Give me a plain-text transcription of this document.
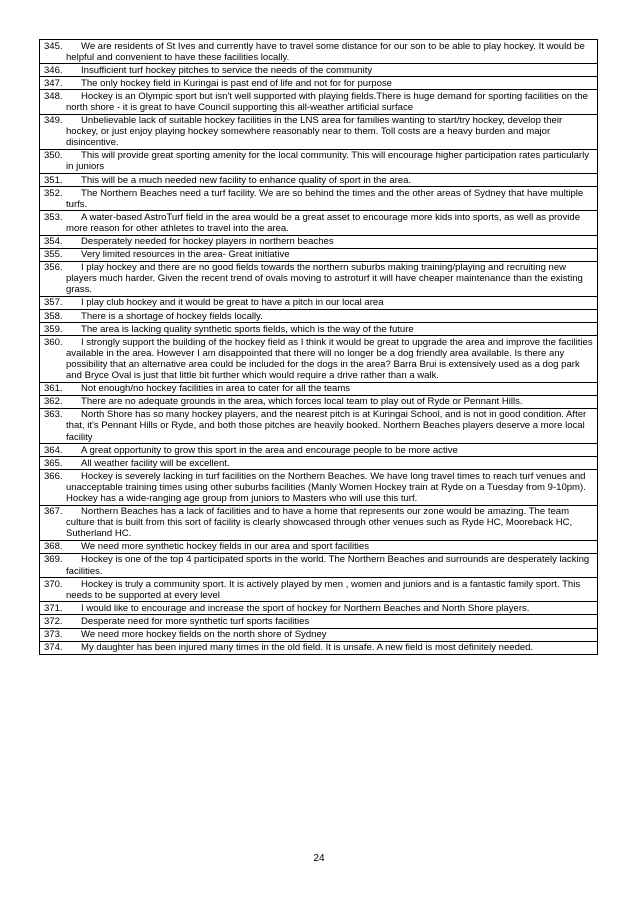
345. We are residents of St Ives and currently have to travel some distance for our son to be able to play hockey. It would be helpful and convenient to have these facilities locally.

346. Insufficient turf hockey pitches to service the needs of the community

347. The only hockey field in Kuringai is past end of life and not for for purpose

348. Hockey is an Olympic sport but isn't well supported with playing fields.There is huge demand for sporting facilities on the north shore - it is great to have Council supporting this all-weather artificial surface

349. Unbelievable lack of suitable hockey facilities in the LNS area for families wanting to start/try hockey, develop their hockey, or just enjoy playing hockey somewhere reasonably near to them. Toll costs are a heavy burden and major disincentive.

350. This will provide great sporting amenity for the local community. This will encourage higher participation rates particularly in juniors

351. This will be a much needed new facility to enhance quality of sport in the area.

352. The Northern Beaches need a turf facility. We are so behind the times and the other areas of Sydney that have multiple turfs.

353. A water-based AstroTurf field in the area would be a great asset to encourage more kids into sports, as well as provide more reason for other athletes to travel into the area.

354. Desperately needed for hockey players in northern beaches

355. Very limited resources in the area- Great initiative

356. I play hockey and there are no good fields towards the northern suburbs making training/playing and recruiting new players much harder. Given the recent trend of ovals moving to astroturf it will have cheaper maintenance than the existing grass.

357. I play club hockey and it would be great to have a pitch in our local area

358. There is a shortage of hockey fields locally.

359. The area is lacking quality synthetic sports fields, which is the way of the future

360. I strongly support the building of the hockey field as I think it would be great to upgrade the area and improve the facilities available in the area. However I am disappointed that there will no longer be a dog friendly area available. Is there any possibility that an alternative area could be included for the dogs in the area? Barra Brui is extensively used as a dog park and Bryce Oval is just that little bit further which would require a drive rather than a walk.

361. Not enough/no hockey facilities in area to cater for all the teams

362. There are no adequate grounds in the area, which forces local team to play out of Ryde or Pennant Hills.

363. North Shore has so many hockey players, and the nearest pitch is at Kuringai School, and is not in good condition. After that, it's Pennant Hills or Ryde, and both those pitches are heavily booked. Northern Beaches players deserve a more local facility

364. A great opportunity to grow this sport in the area and encourage people to be more active

365. All weather facility will be excellent.

366. Hockey is severely lacking in turf facilities on the Northern Beaches. We have long travel times to reach turf venues and unacceptable training times using other suburbs facilities (Manly Women Hockey train at Ryde on a Tuesday from 9-10pm). Hockey has a wide-ranging age group from juniors to Masters who will use this turf.

367. Northern Beaches has a lack of facilities and to have a home that represents our zone would be amazing. The team culture that is built from this sort of facility is clearly showcased through other venues such as Ryde HC, Mooreback HC, Sutherland HC.

368. We need more synthetic hockey fields in our area and sport facilities

369. Hockey is one of the top 4 participated sports in the world. The Northern Beaches and surrounds are desperately lacking facilities.

370. Hockey is truly a community sport. It is actively played by men , women and juniors and is a fantastic family sport. This needs to be supported at every level

371. I would like to encourage and increase the sport of hockey for Northern Beaches and North Shore players.

372. Desperate need for more synthetic turf sports facilities

373. We need more hockey fields on the north shore of Sydney

374. My daughter has been injured many times in the old field. It is unsafe. A new field is most definitely needed.
24
